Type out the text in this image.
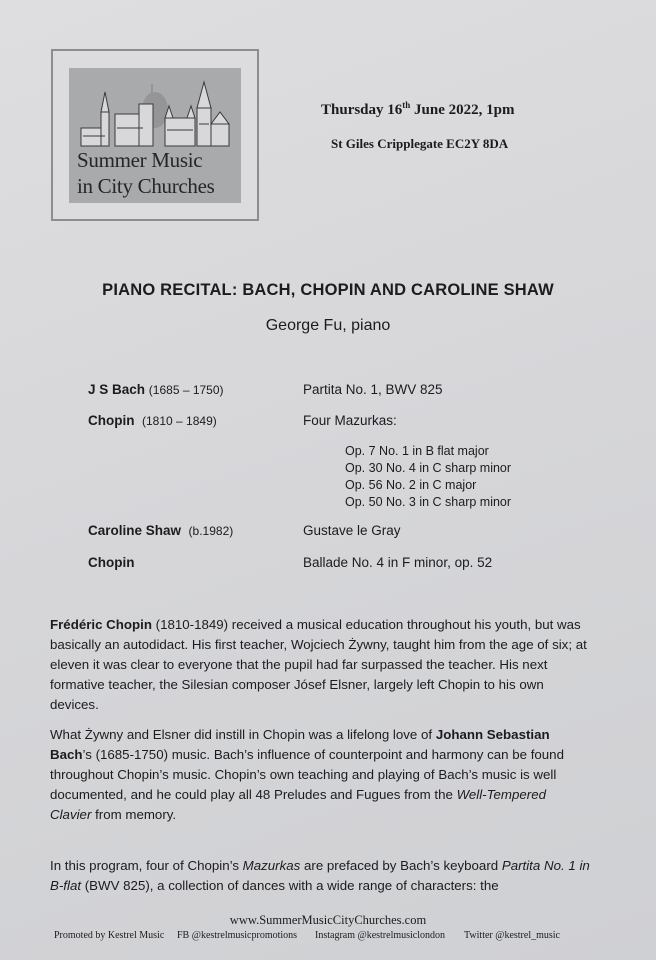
Summer Music
in City Churches
Thursday 16th June 2022, 1pm
St Giles Cripplegate EC2Y 8DA
PIANO RECITAL: BACH, CHOPIN AND CAROLINE SHAW
George Fu, piano
J S Bach (1685 – 1750)	Partita No. 1, BWV 825
Chopin (1810 – 1849)	Four Mazurkas:
Op. 7 No. 1 in B flat major
Op. 30 No. 4 in C sharp minor
Op. 56 No. 2 in C major
Op. 50 No. 3 in C sharp minor
Caroline Shaw (b.1982)	Gustave le Gray
Chopin	Ballade No. 4 in F minor, op. 52

Frédéric Chopin (1810-1849) received a musical education throughout his youth, but was basically an autodidact. His first teacher, Wojciech Żywny, taught him from the age of six; at eleven it was clear to everyone that the pupil had far surpassed the teacher. His next formative teacher, the Silesian composer Jósef Elsner, largely left Chopin to his own devices.

What Żywny and Elsner did instill in Chopin was a lifelong love of Johann Sebastian Bach’s (1685-1750) music. Bach’s influence of counterpoint and harmony can be found throughout Chopin’s music. Chopin’s own teaching and playing of Bach’s music is well documented, and he could play all 48 Preludes and Fugues from the Well-Tempered Clavier from memory.

In this program, four of Chopin’s Mazurkas are prefaced by Bach’s keyboard Partita No. 1 in B-flat (BWV 825), a collection of dances with a wide range of characters: the

www.SummerMusicCityChurches.com
Promoted by Kestrel Music FB @kestrelmusicpromotions Instagram @kestrelmusiclondon Twitter @kestrel_music
